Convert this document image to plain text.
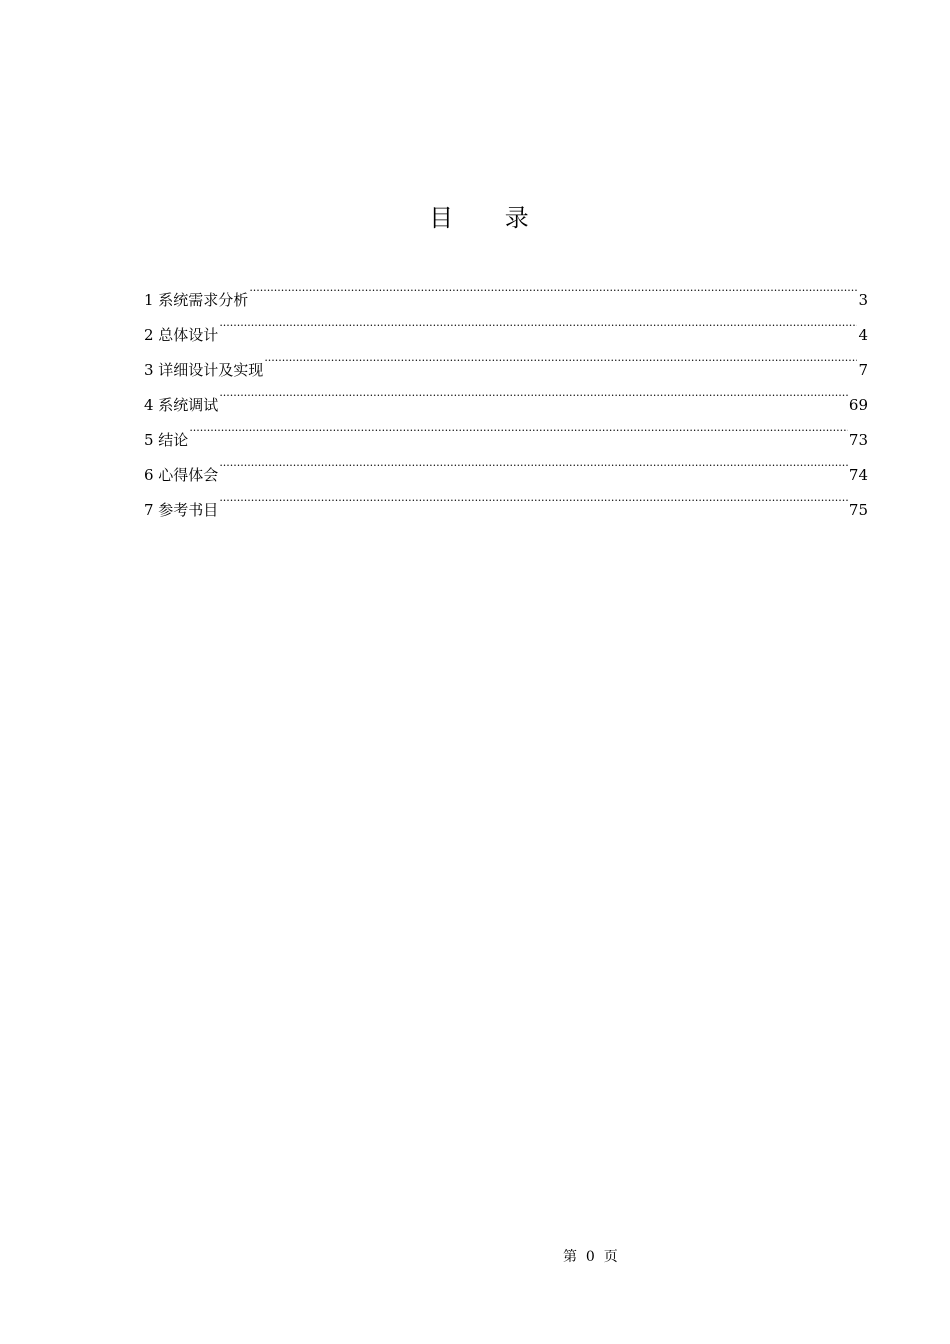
目 录
1 系统需求分析 .....	3
2 总体设计 .....	4
3 详细设计及实现 .....	7
4 系统调试 .....	69
5 结论 .....	73
6 心得体会 .....	74
7 参考书目 .....	75
第  0  页
